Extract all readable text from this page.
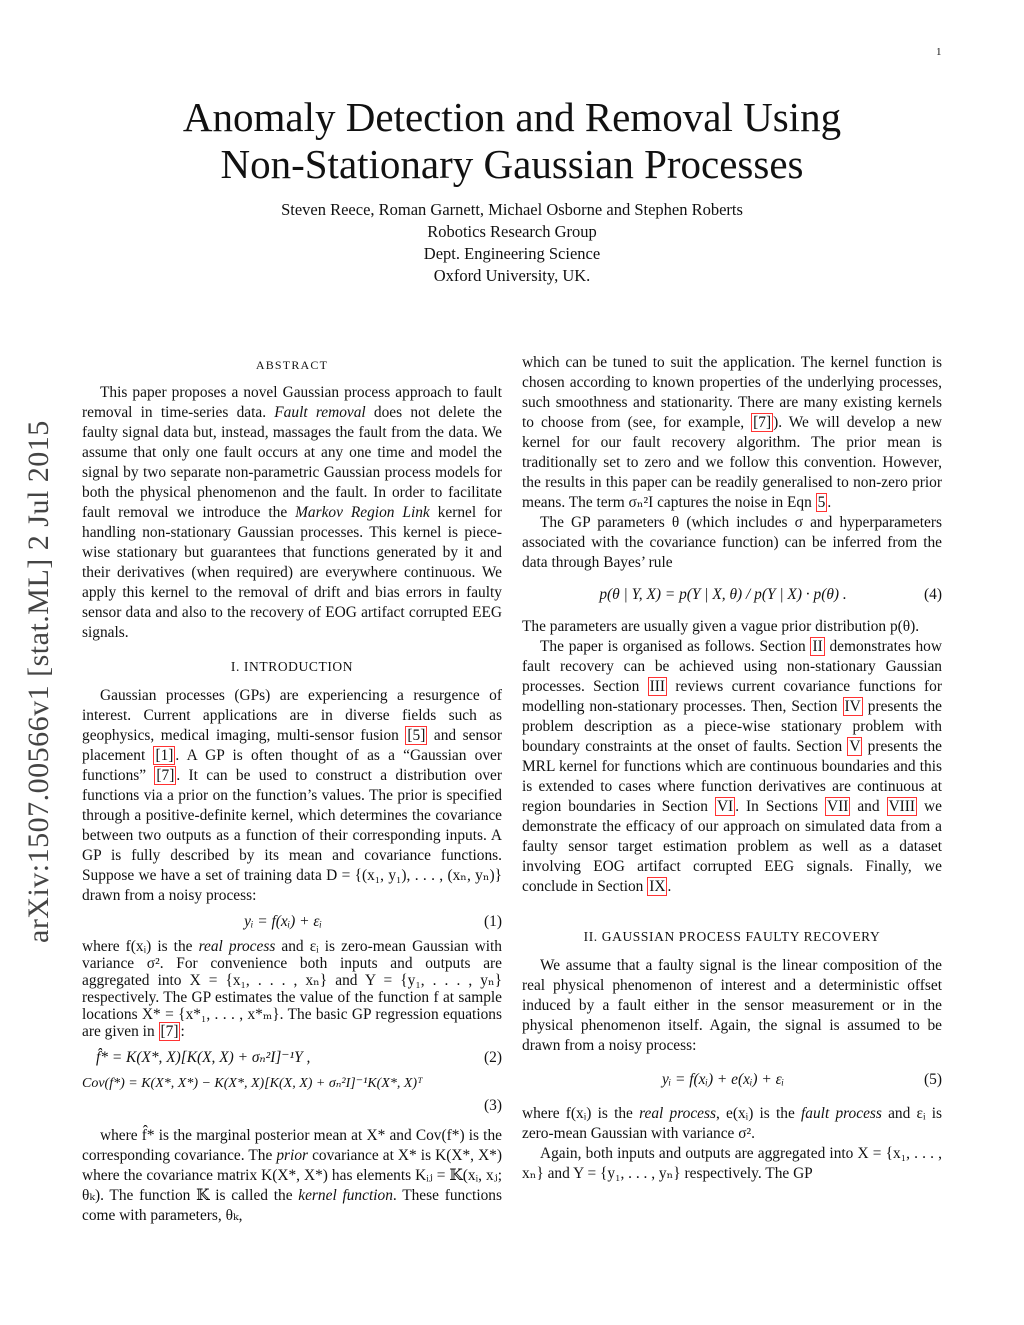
1
arXiv:1507.00566v1 [stat.ML] 2 Jul 2015
Anomaly Detection and Removal Using
Non-Stationary Gaussian Processes
Steven Reece, Roman Garnett, Michael Osborne and Stephen Roberts
Robotics Research Group
Dept. Engineering Science
Oxford University, UK.
ABSTRACT

This paper proposes a novel Gaussian process approach to fault removal in time-series data. Fault removal does not delete the faulty signal data but, instead, massages the fault from the data. We assume that only one fault occurs at any one time and model the signal by two separate non-parametric Gaussian process models for both the physical phenomenon and the fault. In order to facilitate fault removal we introduce the Markov Region Link kernel for handling non-stationary Gaussian processes. This kernel is piece-wise stationary but guarantees that functions generated by it and their derivatives (when required) are everywhere continuous. We apply this kernel to the removal of drift and bias errors in faulty sensor data and also to the recovery of EOG artifact corrupted EEG signals.

I. INTRODUCTION

Gaussian processes (GPs) are experiencing a resurgence of interest. Current applications are in diverse fields such as geophysics, medical imaging, multi-sensor fusion [5] and sensor placement [1] . A GP is often thought of as a “Gaussian over functions” [7] . It can be used to construct a distribution over functions via a prior on the function’s values. The prior is specified through a positive-definite kernel, which determines the covariance between two outputs as a function of their corresponding inputs. A GP is fully described by its mean and covariance functions. Suppose we have a set of training data D = {(x₁, y₁), . . . , (xₙ, yₙ)} drawn from a noisy process:

yᵢ = f(xᵢ) + εᵢ	(1)

where f(xᵢ) is the real process and εᵢ is zero-mean Gaussian with variance σ². For convenience both inputs and outputs are aggregated into X = {x₁, . . . , xₙ} and Y = {y₁, . . . , yₙ} respectively. The GP estimates the value of the function f at sample locations X* = {x*₁, . . . , x*ₘ}. The basic GP regression equations are given in [7] :

f̂* = K(X*, X)[K(X, X) + σₙ²I]⁻¹Y ,	(2)
Cov(f*) = K(X*, X*) − K(X*, X)[K(X, X) + σₙ²I]⁻¹K(X*, X)ᵀ
(3)

where f̂* is the marginal posterior mean at X* and Cov(f*) is the corresponding covariance. The prior covariance at X* is K(X*, X*) where the covariance matrix K(X*, X*) has elements Kᵢⱼ = 𝕂(xᵢ, xⱼ; θₖ). The function 𝕂 is called the kernel function. These functions come with parameters, θₖ,

which can be tuned to suit the application. The kernel function is chosen according to known properties of the underlying processes, such smoothness and stationarity. There are many existing kernels to choose from (see, for example, [7] ). We will develop a new kernel for our fault recovery algorithm. The prior mean is traditionally set to zero and we follow this convention. However, the results in this paper can be readily generalised to non-zero prior means. The term σₙ²I captures the noise in Eqn 5 .

The GP parameters θ (which includes σ and hyperparameters associated with the covariance function) can be inferred from the data through Bayes’ rule

p(θ | Y, X) = p(Y | X, θ) / p(Y | X) · p(θ) .	(4)

The parameters are usually given a vague prior distribution p(θ).

The paper is organised as follows. Section II demonstrates how fault recovery can be achieved using non-stationary Gaussian processes. Section III reviews current covariance functions for modelling non-stationary processes. Then, Section IV presents the problem description as a piece-wise stationary problem with boundary constraints at the onset of faults. Section V presents the MRL kernel for functions which are continuous boundaries and this is extended to cases where function derivatives are continuous at region boundaries in Section VI . In Sections VII and VIII we demonstrate the efficacy of our approach on simulated data from a faulty sensor target estimation problem as well as a dataset involving EOG artifact corrupted EEG signals. Finally, we conclude in Section IX .

II. GAUSSIAN PROCESS FAULTY RECOVERY

We assume that a faulty signal is the linear composition of the real physical phenomenon of interest and a deterministic offset induced by a fault either in the sensor measurement or in the physical phenomenon itself. Again, the signal is assumed to be drawn from a noisy process:

yᵢ = f(xᵢ) + e(xᵢ) + εᵢ	(5)

where f(xᵢ) is the real process, e(xᵢ) is the fault process and εᵢ is zero-mean Gaussian with variance σ².

Again, both inputs and outputs are aggregated into X = {x₁, . . . , xₙ} and Y = {y₁, . . . , yₙ} respectively. The GP
